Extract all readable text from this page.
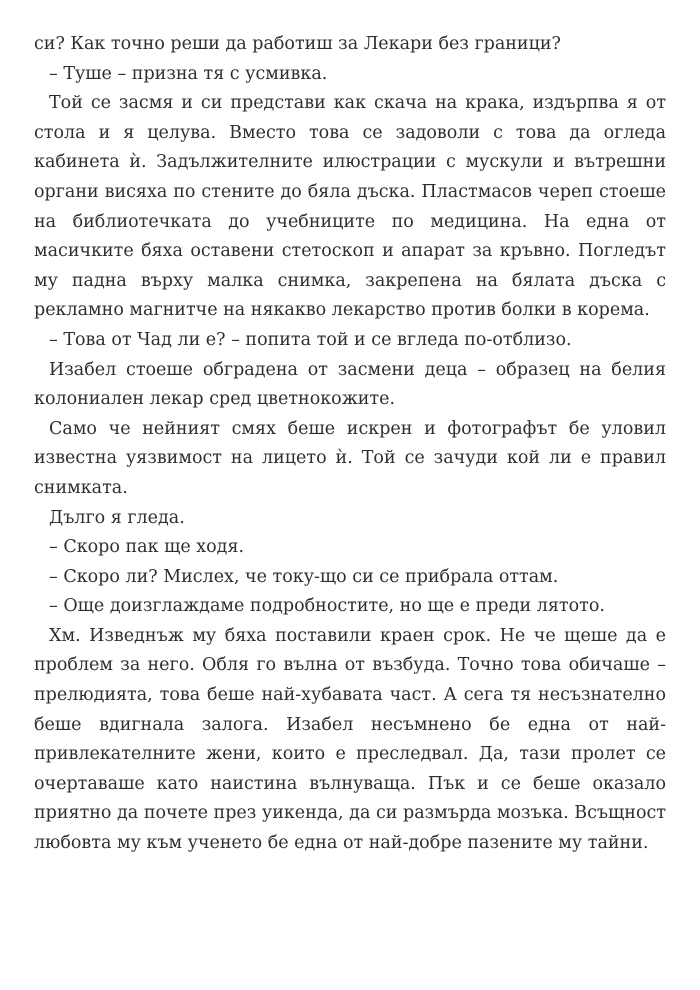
си? Как точно реши да работиш за Лекари без граници?

– Туше – призна тя с усмивка.

Той се засмя и си представи как скача на крака, издърпва я от стола и я целува. Вместо това се задоволи с това да огледа кабинета ѝ. Задължителните илюстрации с мускули и вътрешни органи висяха по стените до бяла дъска. Пластмасов череп стоеше на библиотечката до учебниците по медицина. На една от масичките бяха оставени стетоскоп и апарат за кръвно. Погледът му падна върху малка снимка, закрепена на бялата дъска с рекламно магнитче на някакво лекарство против болки в корема.

– Това от Чад ли е? – попита той и се вгледа по-отблизо.

Изабел стоеше обградена от засмени деца – образец на белия колониален лекар сред цветнокожите.

Само че нейният смях беше искрен и фотографът бе уловил известна уязвимост на лицето ѝ. Той се зачуди кой ли е правил снимката.

Дълго я гледа.

– Скоро пак ще ходя.

– Скоро ли? Мислех, че току-що си се прибрала оттам.

– Още доизглаждаме подробностите, но ще е преди лятото.

Хм. Изведнъж му бяха поставили краен срок. Не че щеше да е проблем за него. Обля го вълна от възбуда. Точно това обичаше – прелюдията, това беше най-хубавата част. А сега тя несъзнателно беше вдигнала залога. Изабел несъмнено бе една от най-привлекателните жени, които е преследвал. Да, тази пролет се очертаваше като наистина вълнуваща. Пък и се беше оказало приятно да почете през уикенда, да си размърда мозъка. Всъщност любовта му към ученето бе една от най-добре пазените му тайни.
